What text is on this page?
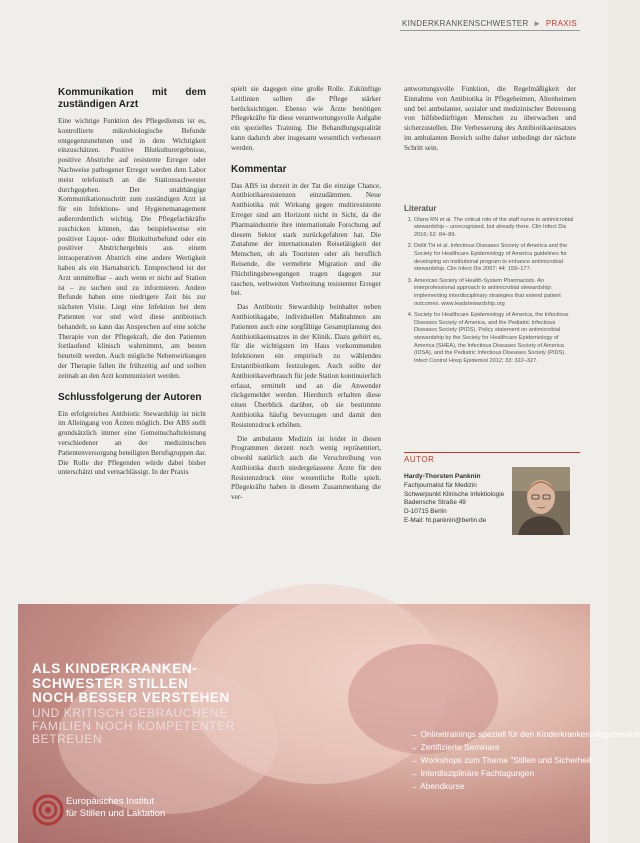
KINDERKRANKENSCHWESTER ► PRAXIS
Kommunikation mit dem zuständigen Arzt

Eine wichtige Funktion des Pflegediensts ist es, kontrollierte mikrobiologische Befunde entgegenzunehmen und in dem Wichtigkeit einzuschätzen. Positive Blutkulturergebnisse, positive Abstriche auf resistente Erreger oder Nachweise pathogener Erreger werden dem Labor meist telefonisch an die Stationsschwester durchgegeben. Der unabhängige Kommunikationsschritt zum zuständigen Arzt ist für ein Infektions- und Hygienemanagement außerordentlich wichtig. Die Pflegefachkräfte zuschicken können, das beispielsweise ein positiver Liquor- oder Blutkulturbefund oder ein positiver Abstrichergebnis aus einem intraoperativen Abstrich eine andere Wertigkeit haben als ein Harnabstrich. Entsprechend ist der Arzt unmittelbar – auch wenn er nicht auf Station ist – zu suchen und zu informieren. Andere Befunde haben eine niedrigere Zeit bis zur nächsten Visite. Liegt eine Infektion bei dem Patienten vor und wird diese antibiotisch behandelt, so kann das Ansprechen auf eine solche Therapie von der Pflegekraft, die den Patienten fortlaufend klinisch wahrnimmt, am besten beurteilt werden. Auch mögliche Nebenwirkungen der Therapie fallen ihr frühzeitig auf und sollten zeitnah an den Arzt kommuniziert werden.

Schlussfolgerung der Autoren

Ein erfolgreiches Antibiotic Stewardship ist nicht im Alleingang von Ärzten möglich. Der ABS stellt grundsätzlich immer eine Gemeinschaftsleistung verschiedener an der medizinischen Patientenversorgung beteiligten Berufsgruppen dar. Die Rolle der Pflegenden würde dabei bisher unterschätzt und vernachlässigt. In der Praxis

spielt sie dagegen eine große Rolle. Zukünftige Leitlinien sollten die Pflege stärker berücksichtigen. Ebenso wie Ärzte benötigen Pflegekräfte für diese verantwortungsvolle Aufgabe ein spezielles Training. Die Behandlungsqualität kann dadurch aber insgesamt wesentlich verbessert werden.

Kommentar

Das ABS ist derzeit in der Tat die einzige Chance, Antibiotikaresistenzen einzudämmen. Neue Antibiotika mit Wirkung gegen multiresistente Erreger sind am Horizont nicht in Sicht, da die Pharmaindustrie ihre internationale Forschung auf diesem Sektor stark zurückgefahren hat. Die Zunahme der internationalen Reisetätigkeit der Menschen, ob als Touristen oder als beruflich Reisende, die vermehrte Migration und die Flüchtlingsbewegungen tragen dagegen zur raschen, weltweiten Verbreitung resistenter Erreger bei.

Das Antibiotic Stewardship beinhaltet neben Antibiotikagabe, individuellen Maßnahmen am Patienten auch eine sorgfältige Gesamtplanung des Antibiotikaeinsatzes in der Klinik. Dazu gehört es, für die wichtigsten im Haus vorkommenden Infektionen ein empirisch zu wählendes Erstantibiotikum festzulegen. Auch sollte der Antibiotikaverbrauch für jede Station kontinuierlich erfasst, ermittelt und an die Anwender rückgemeldet werden. Hierdurch erhalten diese einen Überblick darüber, ob sie bestimmte Antibiotika häufig bevorzugen und damit den Resistenzdruck erhöhen.

Die ambulante Medizin ist leider in diesen Programmen derzeit noch wenig repräsentiert, obwohl natürlich auch die Verschreibung von Antibiotika durch niedergelassene Ärzte für den Resistenzdruck eine wesentliche Rolle spielt. Pflegekräfte haben in diesem Zusammenhang die ver-

antwortungsvolle Funktion, die Regelmäßigkeit der Einnahme von Antibiotika in Pflegeheimen, Altenheimen und bei ambulanter, sozialer und medizinischer Betreuung von hilfsbedürftigen Menschen zu überwachen und sicherzustellen. Die Verbesserung des Antibiotikaeinsatzes im ambulanten Bereich sollte daher unbedingt der nächste Schritt sein.

Literatur
1. Olans RN et al. The critical role of the staff nurse in antimicrobial stewardship – unrecognized, but already there. Clin Infect Dis 2016; 62: 84–89.
2. Dellit TH et al. Infectious Diseases Society of America and the Society for Healthcare Epidemiology of America guidelines for developing an institutional program to enhance antimicrobial stewardship. Clin Infect Dis 2007; 44: 159–177.
3. American Society of Health-System Pharmacists. An interprofessional approach to antimicrobial stewardship: implementing interdisciplinary strategies that extend patient outcomes. www.leadstewardship.org
4. Society for Healthcare Epidemiology of America, the Infectious Diseases Society of America, and the Pediatric Infectious Diseases Society (PIDS). Policy statement on antimicrobial stewardship by the Society for Healthcare Epidemiology of America (SHEA), the Infectious Diseases Society of America (IDSA), and the Pediatric Infectious Diseases Society (PIDS). Infect Control Hosp Epidemiol 2012; 33: 322–327.
AUTOR
Hardy-Thorsten Panknin
Fachjournalist für Medizin
Schwerpunkt Klinische Infektiologie
Badensche Straße 49
D-10715 Berlin
E-Mail: ht.panknin@berlin.de
ALS KINDERKRANKEN-
SCHWESTER STILLEN
NOCH BESSER VERSTEHEN
UND KRITISCH GEBRAUCHENE
FAMILIEN NOCH KOMPETENTER
BETREUEN	→ Onlinetrainings speziell für den Kinderkrankenpflegebereich
→ Zertifizierte Seminare
→ Workshops zum Thema "Stillen und Sicherheit"
→ Interdisziplinäre Fachtagungen
→ Abendkurse
Europäisches Institut
für Stillen und Laktation
